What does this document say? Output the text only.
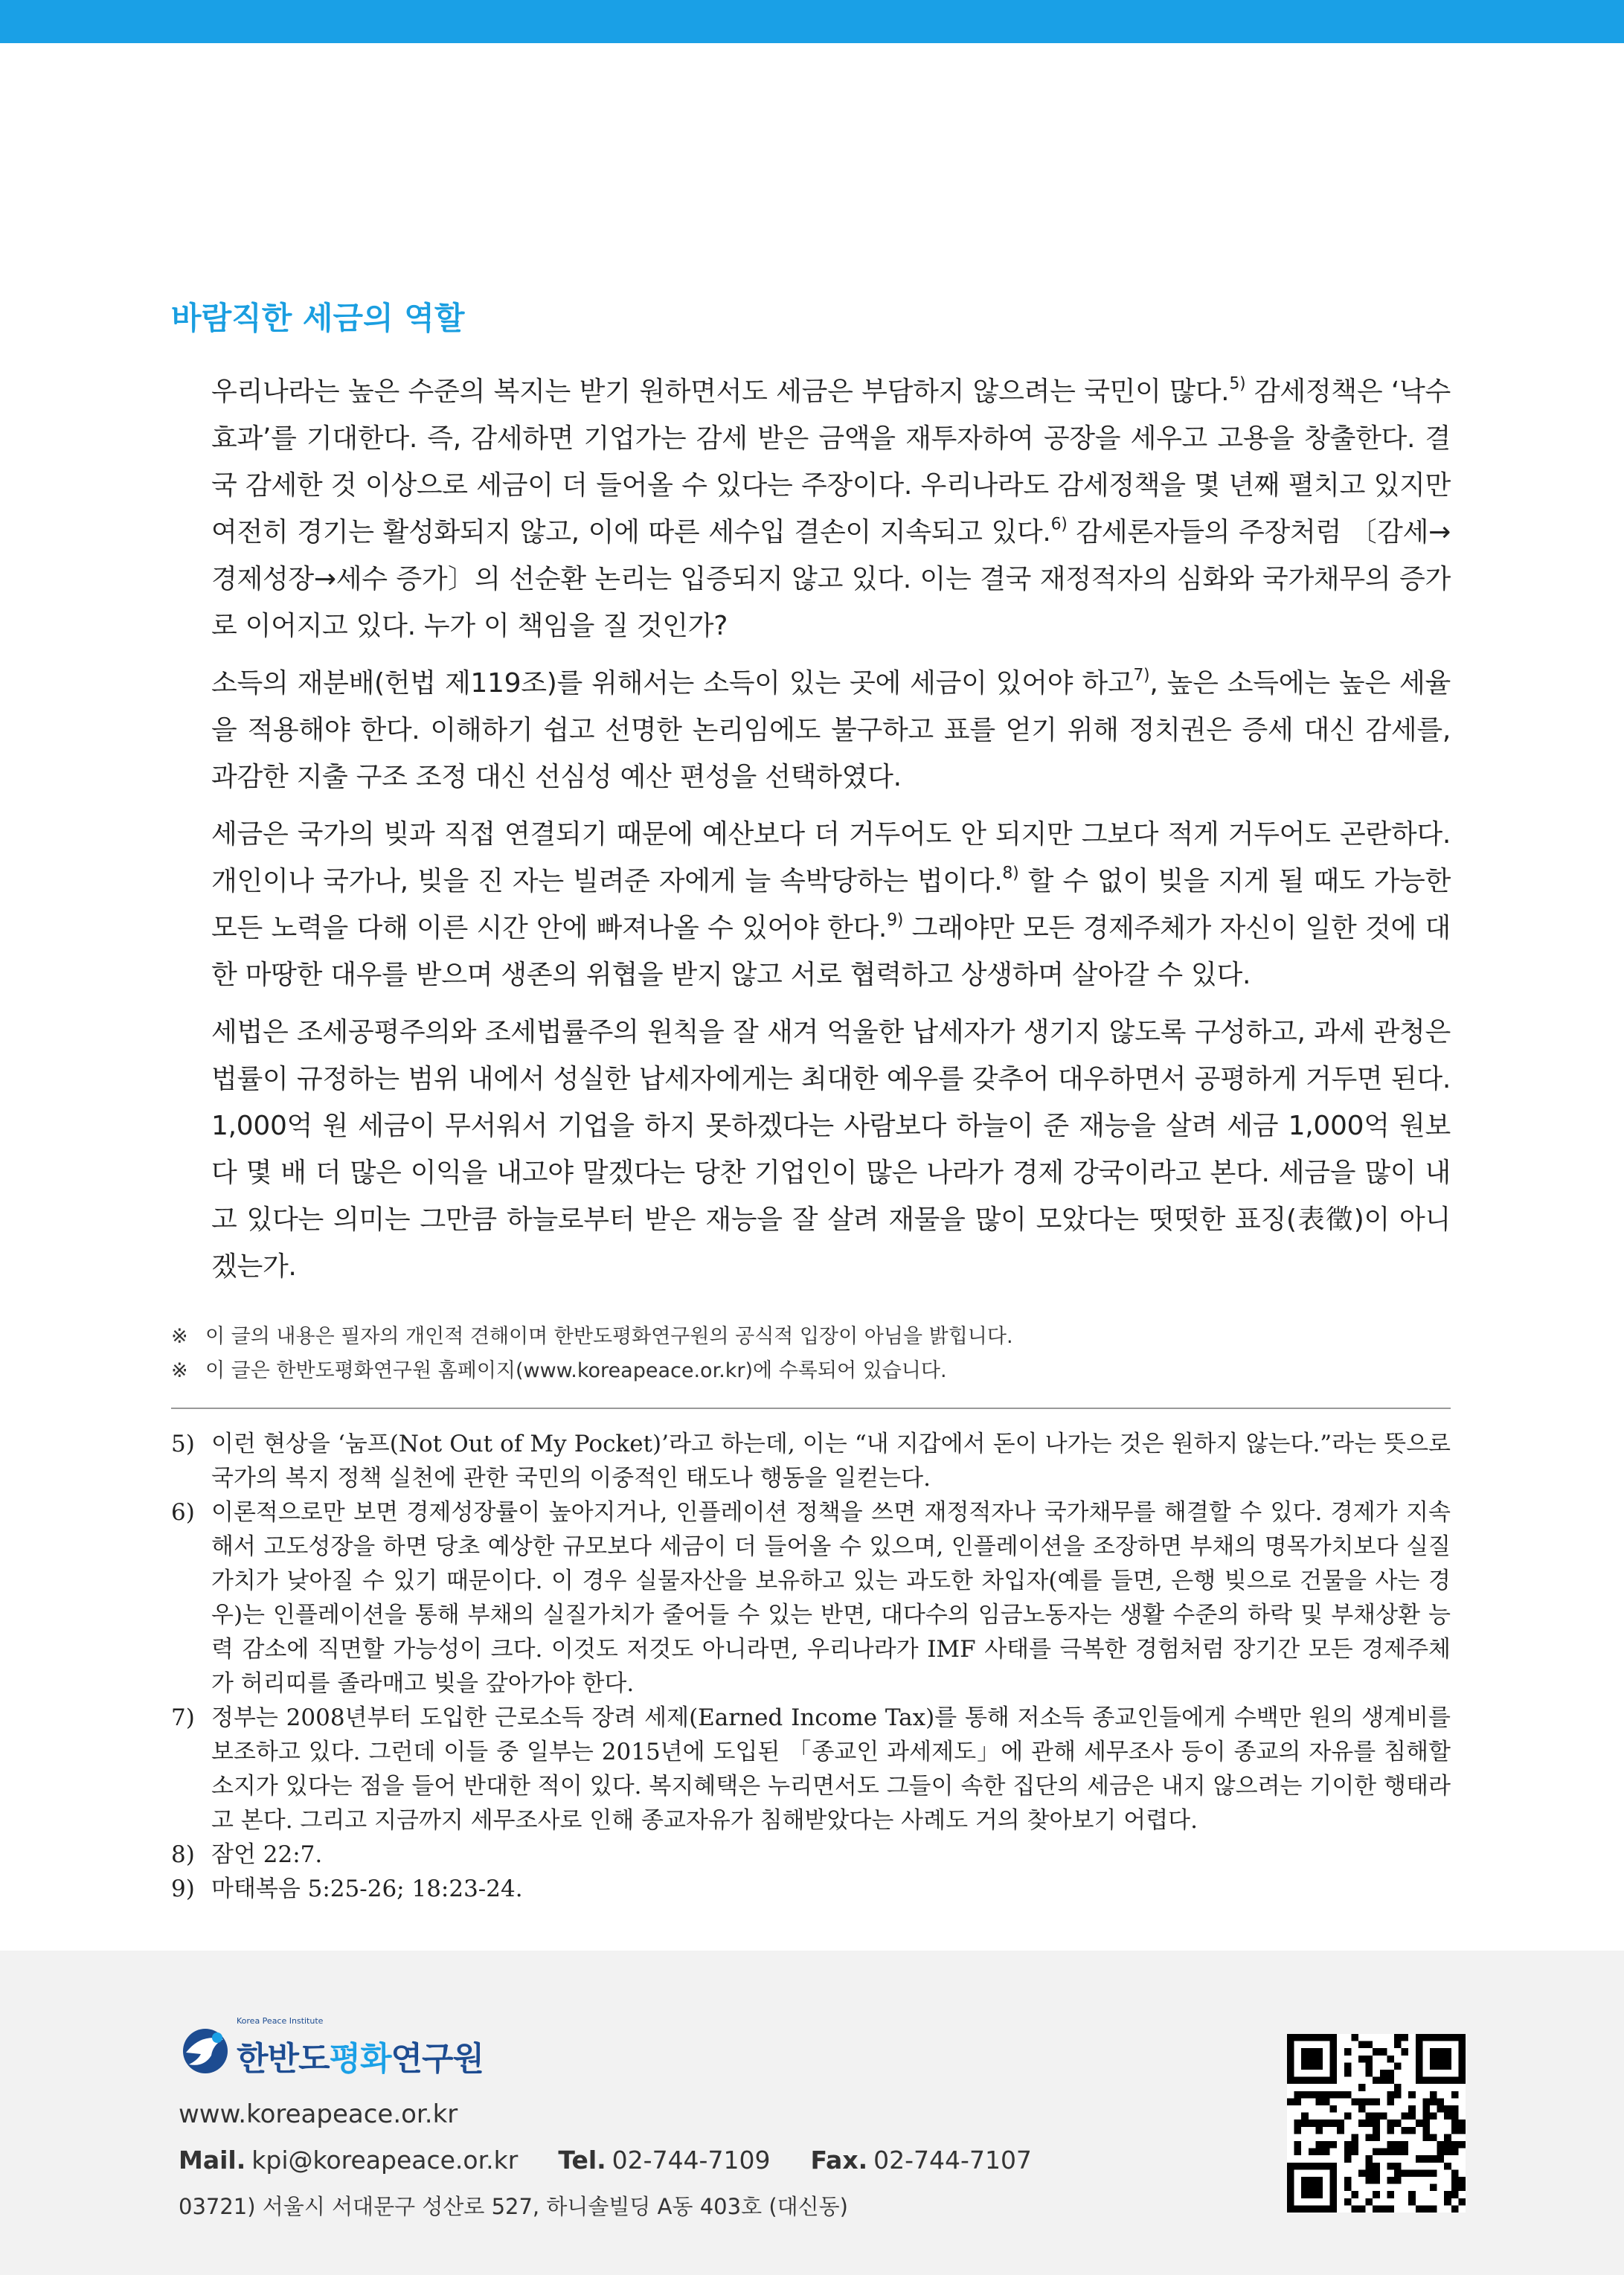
바람직한 세금의 역할

우리나라는 높은 수준의 복지는 받기 원하면서도 세금은 부담하지 않으려는 국민이 많다.$^{5)}$ 감세정책은 ‘낙수효과’를 기대한다. 즉, 감세하면 기업가는 감세 받은 금액을 재투자하여 공장을 세우고 고용을 창출한다. 결국 감세한 것 이상으로 세금이 더 들어올 수 있다는 주장이다. 우리나라도 감세정책을 몇 년째 펼치고 있지만 여전히 경기는 활성화되지 않고, 이에 따른 세수입 결손이 지속되고 있다.$^{6)}$ 감세론자들의 주장처럼 〔감세→경제성장→세수 증가〕의 선순환 논리는 입증되지 않고 있다. 이는 결국 재정적자의 심화와 국가채무의 증가로 이어지고 있다. 누가 이 책임을 질 것인가?

소득의 재분배(헌법 제119조)를 위해서는 소득이 있는 곳에 세금이 있어야 하고$^{7)}$, 높은 소득에는 높은 세율을 적용해야 한다. 이해하기 쉽고 선명한 논리임에도 불구하고 표를 얻기 위해 정치권은 증세 대신 감세를, 과감한 지출 구조 조정 대신 선심성 예산 편성을 선택하였다.

세금은 국가의 빚과 직접 연결되기 때문에 예산보다 더 거두어도 안 되지만 그보다 적게 거두어도 곤란하다. 개인이나 국가나, 빚을 진 자는 빌려준 자에게 늘 속박당하는 법이다.$^{8)}$ 할 수 없이 빚을 지게 될 때도 가능한 모든 노력을 다해 이른 시간 안에 빠져나올 수 있어야 한다.$^{9)}$ 그래야만 모든 경제주체가 자신이 일한 것에 대한 마땅한 대우를 받으며 생존의 위협을 받지 않고 서로 협력하고 상생하며 살아갈 수 있다.

세법은 조세공평주의와 조세법률주의 원칙을 잘 새겨 억울한 납세자가 생기지 않도록 구성하고, 과세 관청은 법률이 규정하는 범위 내에서 성실한 납세자에게는 최대한 예우를 갖추어 대우하면서 공평하게 거두면 된다. 1,000억 원 세금이 무서워서 기업을 하지 못하겠다는 사람보다 하늘이 준 재능을 살려 세금 1,000억 원보다 몇 배 더 많은 이익을 내고야 말겠다는 당찬 기업인이 많은 나라가 경제 강국이라고 본다. 세금을 많이 내고 있다는 의미는 그만큼 하늘로부터 받은 재능을 잘 살려 재물을 많이 모았다는 떳떳한 표징(表徵)이 아니겠는가.

※ 이 글의 내용은 필자의 개인적 견해이며 한반도평화연구원의 공식적 입장이 아님을 밝힙니다.
※ 이 글은 한반도평화연구원 홈페이지(www.koreapeace.or.kr)에 수록되어 있습니다.
5) 이런 현상을 ‘눔프(Not Out of My Pocket)’라고 하는데, 이는 “내 지갑에서 돈이 나가는 것은 원하지 않는다.”라는 뜻으로 국가의 복지 정책 실천에 관한 국민의 이중적인 태도나 행동을 일컫는다.
6) 이론적으로만 보면 경제성장률이 높아지거나, 인플레이션 정책을 쓰면 재정적자나 국가채무를 해결할 수 있다. 경제가 지속해서 고도성장을 하면 당초 예상한 규모보다 세금이 더 들어올 수 있으며, 인플레이션을 조장하면 부채의 명목가치보다 실질가치가 낮아질 수 있기 때문이다. 이 경우 실물자산을 보유하고 있는 과도한 차입자(예를 들면, 은행 빚으로 건물을 사는 경우)는 인플레이션을 통해 부채의 실질가치가 줄어들 수 있는 반면, 대다수의 임금노동자는 생활 수준의 하락 및 부채상환 능력 감소에 직면할 가능성이 크다. 이것도 저것도 아니라면, 우리나라가 IMF 사태를 극복한 경험처럼 장기간 모든 경제주체가 허리띠를 졸라매고 빚을 갚아가야 한다.
7) 정부는 2008년부터 도입한 근로소득 장려 세제(Earned Income Tax)를 통해 저소득 종교인들에게 수백만 원의 생계비를 보조하고 있다. 그런데 이들 중 일부는 2015년에 도입된 「종교인 과세제도」에 관해 세무조사 등이 종교의 자유를 침해할 소지가 있다는 점을 들어 반대한 적이 있다. 복지혜택은 누리면서도 그들이 속한 집단의 세금은 내지 않으려는 기이한 행태라고 본다. 그리고 지금까지 세무조사로 인해 종교자유가 침해받았다는 사례도 거의 찾아보기 어렵다.
8) 잠언 22:7.
9) 마태복음 5:25-26; 18:23-24.
Korea Peace Institute
한반도평화연구원
www.koreapeace.or.kr
Mail. kpi@koreapeace.or.kr Tel. 02-744-7109 Fax. 02-744-7107
03721) 서울시 서대문구 성산로 527, 하니솔빌딩 A동 403호 (대신동)
